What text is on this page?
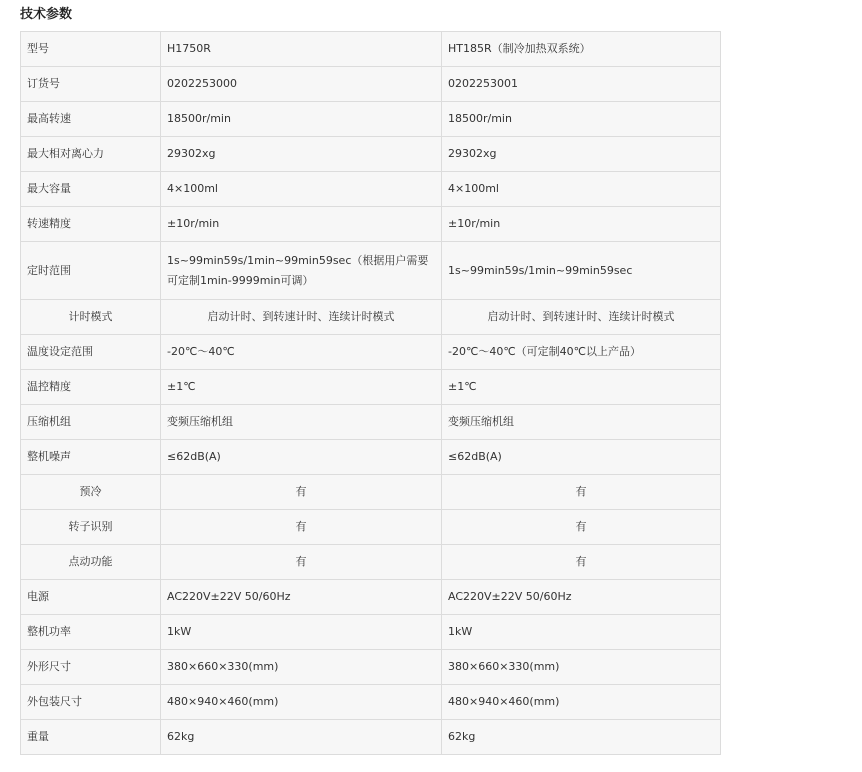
技术参数
型号	H1750R	HT185R（制冷加热双系统）
订货号	0202253000	0202253001
最高转速	18500r/min	18500r/min
最大相对离心力	29302xg	29302xg
最大容量	4×100ml	4×100ml
转速精度	±10r/min	±10r/min
定时范围	1s~99min59s/1min~99min59sec（根据用户需要可定制1min-9999min可调）	1s~99min59s/1min~99min59sec
计时模式	启动计时、到转速计时、连续计时模式	启动计时、到转速计时、连续计时模式
温度设定范围	-20℃～40℃	-20℃～40℃（可定制40℃以上产品）
温控精度	±1℃	±1℃
压缩机组	变频压缩机组	变频压缩机组
整机噪声	≤62dB(A)	≤62dB(A)
预冷	有	有
转子识别	有	有
点动功能	有	有
电源	AC220V±22V 50/60Hz	AC220V±22V 50/60Hz
整机功率	1kW	1kW
外形尺寸	380×660×330(mm)	380×660×330(mm)
外包装尺寸	480×940×460(mm)	480×940×460(mm)
重量	62kg	62kg
